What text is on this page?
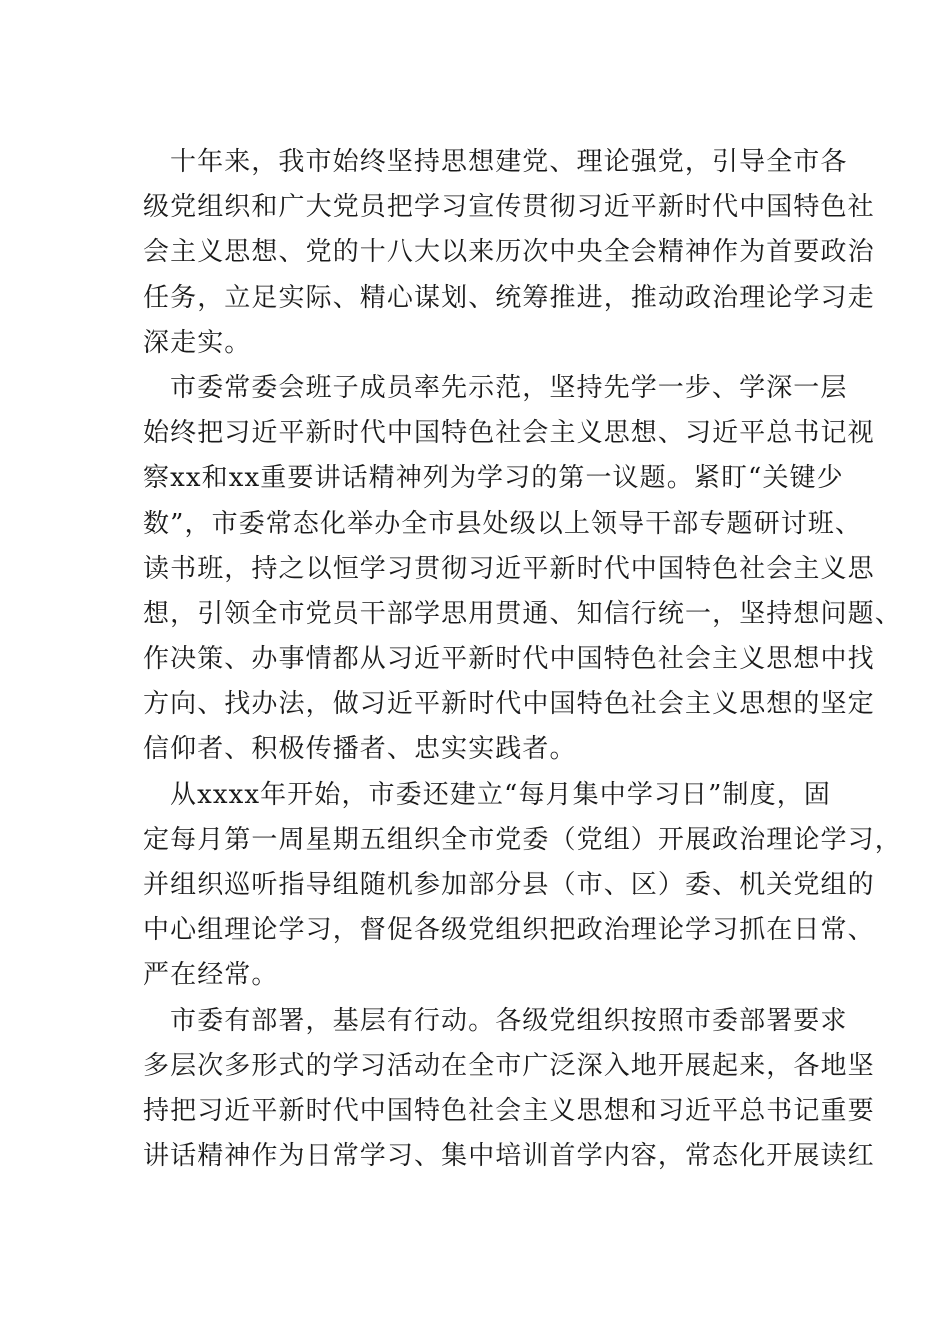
十年来，我市始终坚持思想建党、理论强党，引导全市各
级党组织和广大党员把学习宣传贯彻习近平新时代中国特色社
会主义思想、党的十八大以来历次中央全会精神作为首要政治
任务，立足实际、精心谋划、统筹推进，推动政治理论学习走
深走实。
市委常委会班子成员率先示范，坚持先学一步、学深一层
始终把习近平新时代中国特色社会主义思想、习近平总书记视
察xx和xx重要讲话精神列为学习的第一议题。紧盯“关键少
数”，市委常态化举办全市县处级以上领导干部专题研讨班、
读书班，持之以恒学习贯彻习近平新时代中国特色社会主义思
想，引领全市党员干部学思用贯通、知信行统一，坚持想问题、
作决策、办事情都从习近平新时代中国特色社会主义思想中找
方向、找办法，做习近平新时代中国特色社会主义思想的坚定
信仰者、积极传播者、忠实实践者。
从xxxx年开始，市委还建立“每月集中学习日”制度，固
定每月第一周星期五组织全市党委（党组）开展政治理论学习，
并组织巡听指导组随机参加部分县（市、区）委、机关党组的
中心组理论学习，督促各级党组织把政治理论学习抓在日常、
严在经常。
市委有部署，基层有行动。各级党组织按照市委部署要求
多层次多形式的学习活动在全市广泛深入地开展起来，各地坚
持把习近平新时代中国特色社会主义思想和习近平总书记重要
讲话精神作为日常学习、集中培训首学内容，常态化开展读红
